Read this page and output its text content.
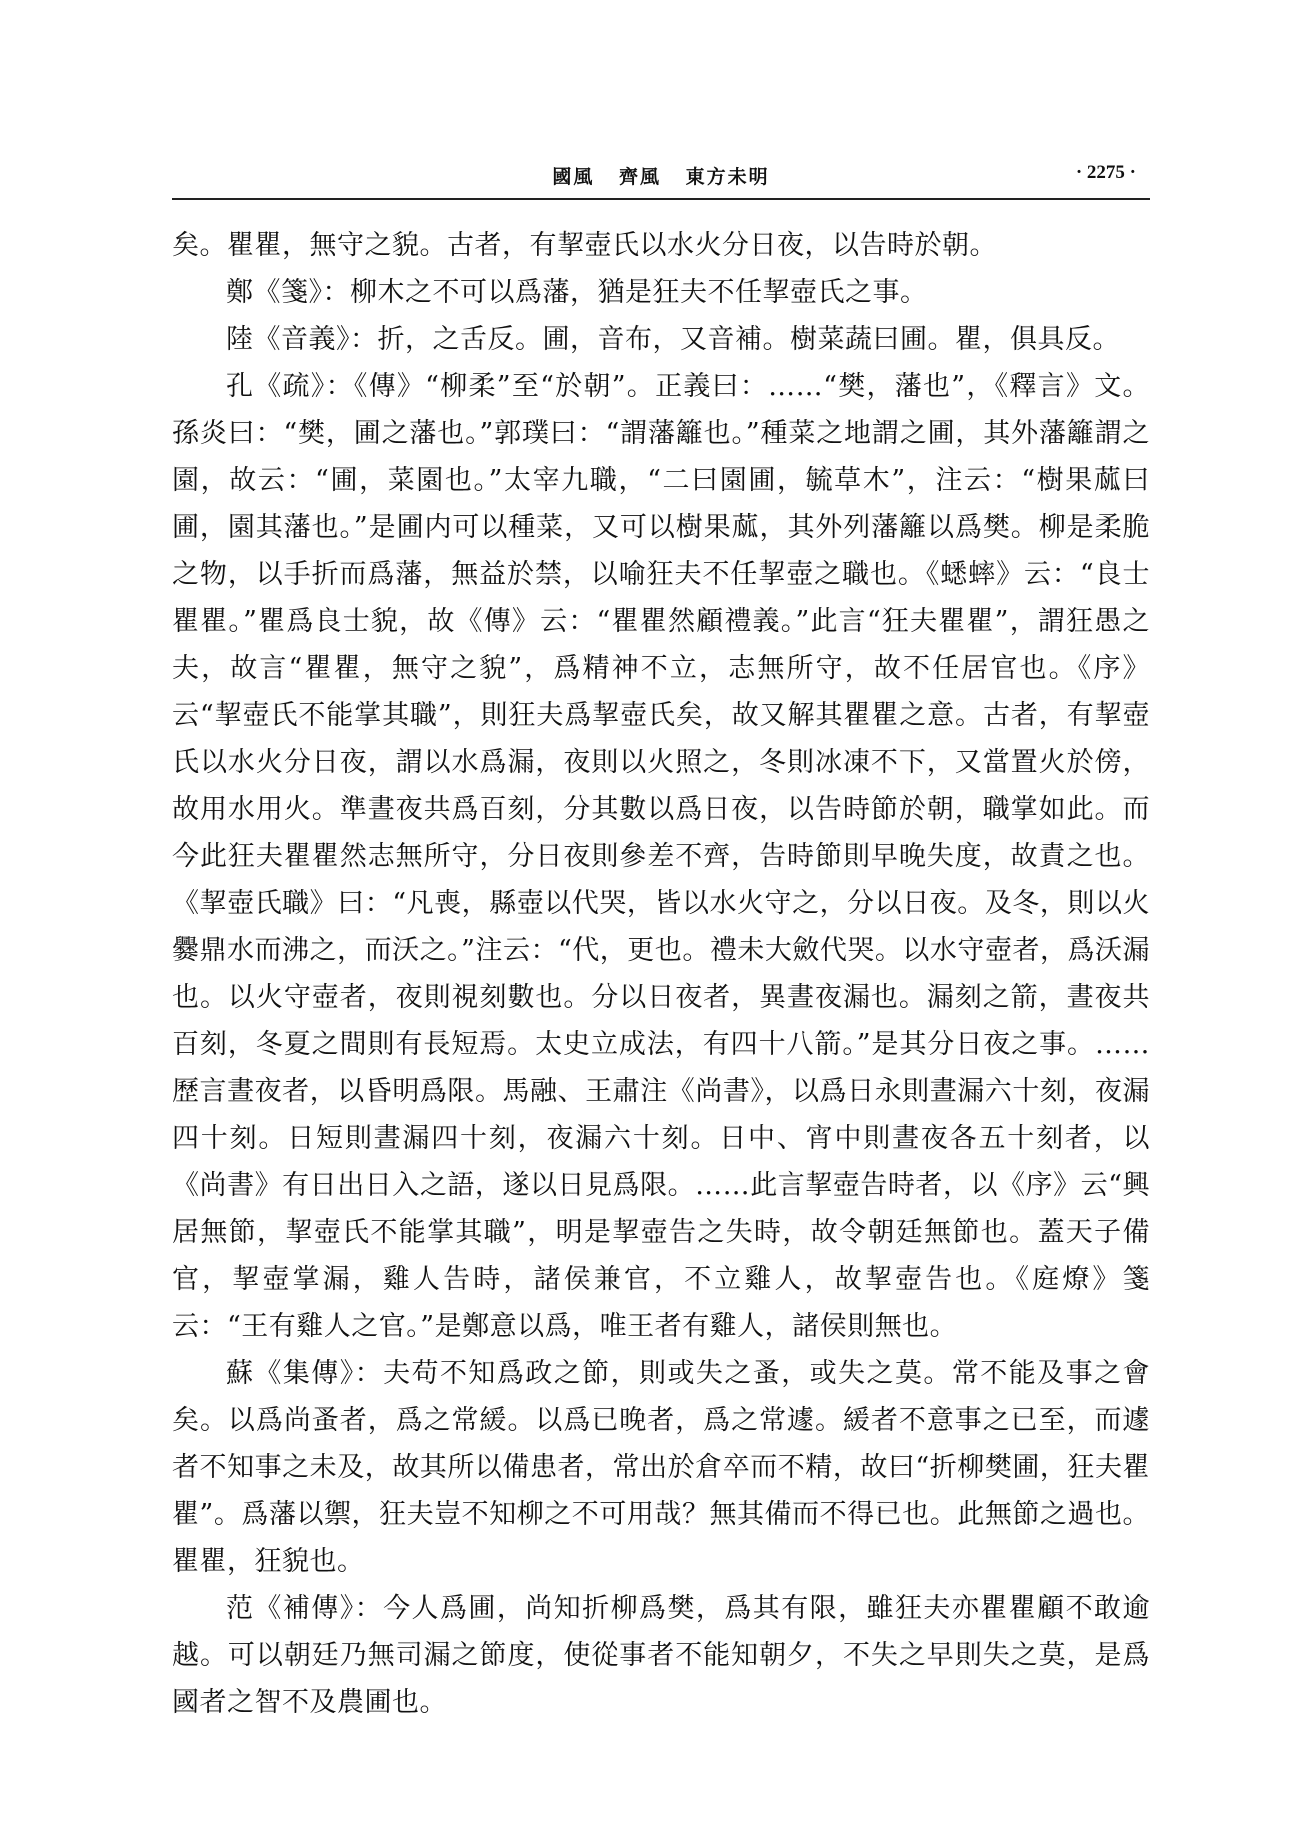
國風 齊風 東方未明	· 2275 ·

矣。瞿瞿，無守之貌。古者，有挈壺氏以水火分日夜，以告時於朝。

鄭《箋》：柳木之不可以爲藩，猶是狂夫不任挈壺氏之事。

陸《音義》：折，之舌反。圃，音布，又音補。樹菜蔬曰圃。瞿，俱具反。

孔《疏》：《傳》“柳柔”至“於朝”。正義曰：……“樊，藩也”，《釋言》文。孫炎曰：“樊，圃之藩也。”郭璞曰：“謂藩籬也。”種菜之地謂之圃，其外藩籬謂之園，故云：“圃，菜園也。”太宰九職，“二曰園圃，毓草木”，注云：“樹果蓏曰圃，園其藩也。”是圃内可以種菜，又可以樹果蓏，其外列藩籬以爲樊。柳是柔脆之物，以手折而爲藩，無益於禁，以喻狂夫不任挈壺之職也。《蟋蟀》云：“良士瞿瞿。”瞿爲良士貌，故《傳》云：“瞿瞿然顧禮義。”此言“狂夫瞿瞿”，謂狂愚之夫，故言“瞿瞿，無守之貌”，爲精神不立，志無所守，故不任居官也。《序》云“挈壺氏不能掌其職”，則狂夫爲挈壺氏矣，故又解其瞿瞿之意。古者，有挈壺氏以水火分日夜，謂以水爲漏，夜則以火照之，冬則冰凍不下，又當置火於傍，故用水用火。準晝夜共爲百刻，分其數以爲日夜，以告時節於朝，職掌如此。而今此狂夫瞿瞿然志無所守，分日夜則參差不齊，告時節則早晚失度，故責之也。《挈壺氏職》曰：“凡喪，縣壺以代哭，皆以水火守之，分以日夜。及冬，則以火爨鼎水而沸之，而沃之。”注云：“代，更也。禮未大斂代哭。以水守壺者，爲沃漏也。以火守壺者，夜則視刻數也。分以日夜者，異晝夜漏也。漏刻之箭，晝夜共百刻，冬夏之間則有長短焉。太史立成法，有四十八箭。”是其分日夜之事。……歷言晝夜者，以昏明爲限。馬融、王肅注《尚書》，以爲日永則晝漏六十刻，夜漏四十刻。日短則晝漏四十刻，夜漏六十刻。日中、宵中則晝夜各五十刻者，以《尚書》有日出日入之語，遂以日見爲限。……此言挈壺告時者，以《序》云“興居無節，挈壺氏不能掌其職”，明是挈壺告之失時，故令朝廷無節也。蓋天子備官，挈壺掌漏，雞人告時，諸侯兼官，不立雞人，故挈壺告也。《庭燎》箋云：“王有雞人之官。”是鄭意以爲，唯王者有雞人，諸侯則無也。

蘇《集傳》：夫苟不知爲政之節，則或失之蚤，或失之莫。常不能及事之會矣。以爲尚蚤者，爲之常緩。以爲已晚者，爲之常遽。緩者不意事之已至，而遽者不知事之未及，故其所以備患者，常出於倉卒而不精，故曰“折柳樊圃，狂夫瞿瞿”。爲藩以禦，狂夫豈不知柳之不可用哉？無其備而不得已也。此無節之過也。瞿瞿，狂貌也。

范《補傳》：今人爲圃，尚知折柳爲樊，爲其有限，雖狂夫亦瞿瞿顧不敢逾越。可以朝廷乃無司漏之節度，使從事者不能知朝夕，不失之早則失之莫，是爲國者之智不及農圃也。
